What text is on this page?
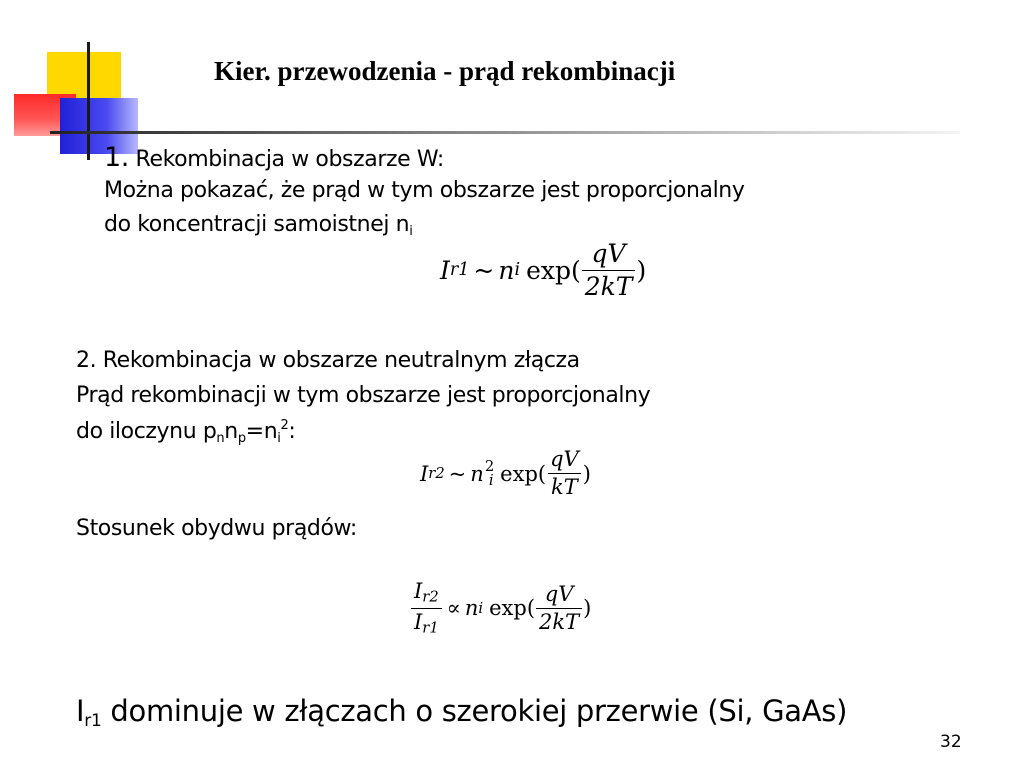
Kier. przewodzenia - prąd rekombinacji
1. Rekombinacja w obszarze W:
Można pokazać, że prąd w tym obszarze jest proporcjonalny
do koncentracji samoistnej $n_i$
I r1 ~ n i $\exp( \frac{qV}{2kT}$ )
2. Rekombinacja w obszarze neutralnym złącza
Prąd rekombinacji w tym obszarze jest proporcjonalny
do iloczynu $p_nn_p=n_i^2$:
I r2 ~ n 2
i $\exp( \frac{qV}{kT}$ )
Stosunek obydwu prądów:
$\frac{Ir2}{Ir1} \propto n$ i $\exp( \frac{qV}{2kT}$ )
$I_{r1}$ dominuje w złączach o szerokiej przerwie (Si, GaAs)
32
